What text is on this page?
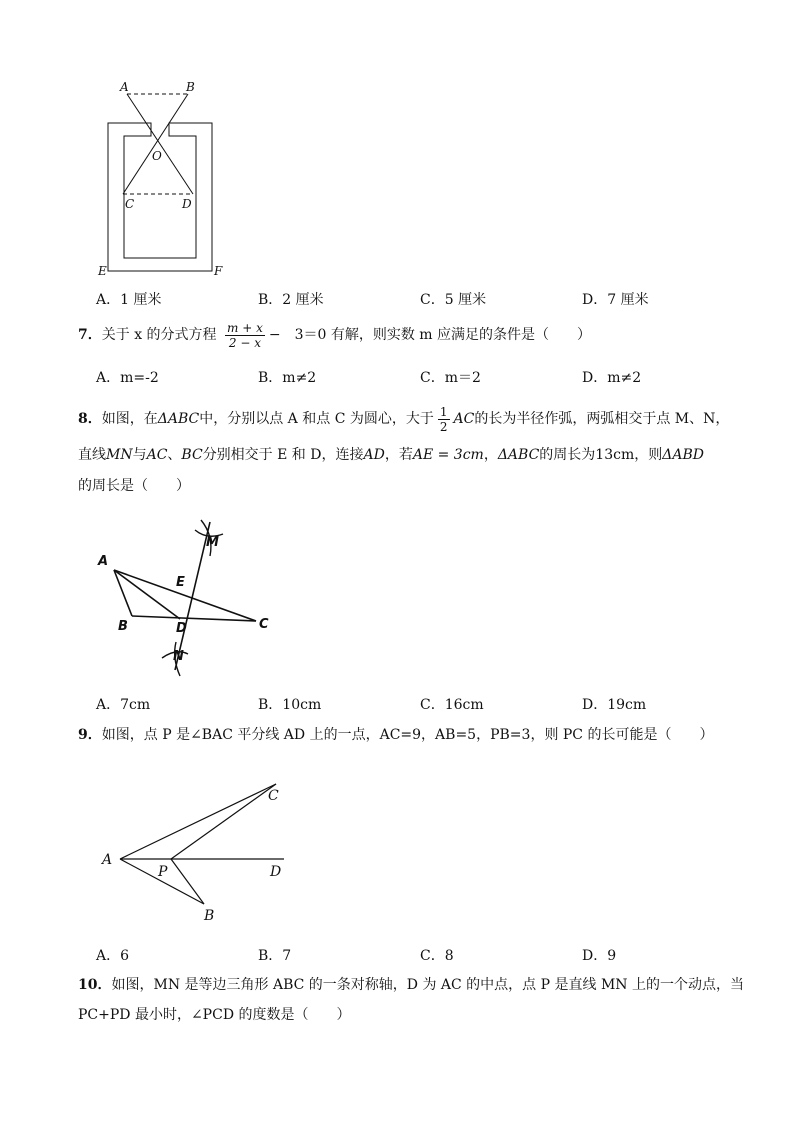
A	B
O
C	D
E	F
A．1 厘米	B．2 厘米	C．5 厘米	D．7 厘米
7．关于 x 的分式方程 $\frac{m + x}{2 - x}$ −　3＝0 有解，则实数 m 应满足的条件是（　　）
A．m=-2	B．m≠2	C．m＝2	D．m≠2
8．如图，在ΔABC中，分别以点 A 和点 C 为圆心，大于 $\frac{1}{2}$ AC的长为半径作弧，两弧相交于点 M、N，
直线MN与AC、BC分别相交于 E 和 D，连接AD，若AE = 3cm，ΔABC的周长为13cm，则ΔABD
的周长是（　　）
M
A
E
B	D	C
N
A．7cm	B．10cm	C．16cm	D．19cm
9．如图，点 P 是∠BAC 平分线 AD 上的一点，AC=9，AB=5，PB=3，则 PC 的长可能是（　　）
A
P
C
D
B
A．6	B．7	C．8	D．9
10．如图，MN 是等边三角形 ABC 的一条对称轴，D 为 AC 的中点，点 P 是直线 MN 上的一个动点，当
PC+PD 最小时，∠PCD 的度数是（　　）
